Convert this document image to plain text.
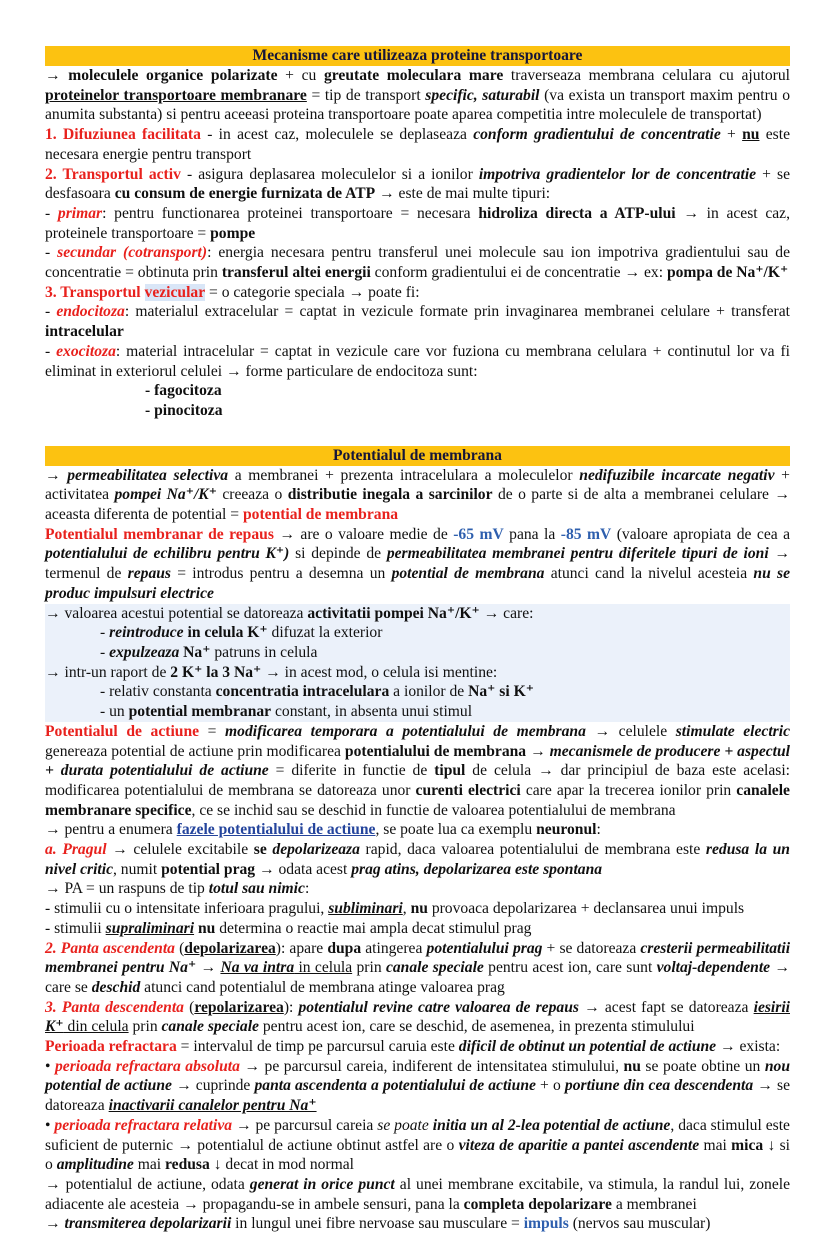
Mecanisme care utilizeaza proteine transportoare

→ moleculele organice polarizate + cu greutate moleculara mare traverseaza membrana celulara cu ajutorul proteinelor transportoare membranare = tip de transport specific, saturabil (va exista un transport maxim pentru o anumita substanta) si pentru aceeasi proteina transportoare poate aparea competitia intre moleculele de transportat)

1. Difuziunea facilitata - in acest caz, moleculele se deplaseaza conform gradientului de concentratie + nu este necesara energie pentru transport

2. Transportul activ - asigura deplasarea moleculelor si a ionilor impotriva gradientelor lor de concentratie + se desfasoara cu consum de energie furnizata de ATP → este de mai multe tipuri:

- primar: pentru functionarea proteinei transportoare = necesara hidroliza directa a ATP-ului → in acest caz, proteinele transportoare = pompe

- secundar (cotransport): energia necesara pentru transferul unei molecule sau ion impotriva gradientului sau de concentratie = obtinuta prin transferul altei energii conform gradientului ei de concentratie → ex: pompa de Na⁺/K⁺

3. Transportul vezicular = o categorie speciala → poate fi:

- endocitoza: materialul extracelular = captat in vezicule formate prin invaginarea membranei celulare + transferat intracelular

- exocitoza: material intracelular = captat in vezicule care vor fuziona cu membrana celulara + continutul lor va fi eliminat in exteriorul celulei → forme particulare de endocitoza sunt:

- fagocitoza

- pinocitoza

Potentialul de membrana

→ permeabilitatea selectiva a membranei + prezenta intracelulara a moleculelor nedifuzibile incarcate negativ + activitatea pompei Na⁺/K⁺ creeaza o distributie inegala a sarcinilor de o parte si de alta a membranei celulare → aceasta diferenta de potential = potential de membrana

Potentialul membranar de repaus → are o valoare medie de -65 mV pana la -85 mV (valoare apropiata de cea a potentialului de echilibru pentru K⁺) si depinde de permeabilitatea membranei pentru diferitele tipuri de ioni → termenul de repaus = introdus pentru a desemna un potential de membrana atunci cand la nivelul acesteia nu se produc impulsuri electrice

→ valoarea acestui potential se datoreaza activitatii pompei Na⁺/K⁺ → care:

- reintroduce in celula K⁺ difuzat la exterior

- expulzeaza Na⁺ patruns in celula

→ intr-un raport de 2 K⁺ la 3 Na⁺ → in acest mod, o celula isi mentine:

- relativ constanta concentratia intracelulara a ionilor de Na⁺ si K⁺

- un potential membranar constant, in absenta unui stimul

Potentialul de actiune = modificarea temporara a potentialului de membrana → celulele stimulate electric genereaza potential de actiune prin modificarea potentialului de membrana → mecanismele de producere + aspectul + durata potentialului de actiune = diferite in functie de tipul de celula → dar principiul de baza este acelasi: modificarea potentialului de membrana se datoreaza unor curenti electrici care apar la trecerea ionilor prin canalele membranare specifice, ce se inchid sau se deschid in functie de valoarea potentialului de membrana

→ pentru a enumera fazele potentialului de actiune, se poate lua ca exemplu neuronul:

a. Pragul → celulele excitabile se depolarizeaza rapid, daca valoarea potentialului de membrana este redusa la un nivel critic, numit potential prag → odata acest prag atins, depolarizarea este spontana

→ PA = un raspuns de tip totul sau nimic:

- stimulii cu o intensitate inferioara pragului, subliminari, nu provoaca depolarizarea + declansarea unui impuls

- stimulii supraliminari nu determina o reactie mai ampla decat stimulul prag

2. Panta ascendenta (depolarizarea): apare dupa atingerea potentialului prag + se datoreaza cresterii permeabilitatii membranei pentru Na⁺ → Na va intra in celula prin canale speciale pentru acest ion, care sunt voltaj-dependente → care se deschid atunci cand potentialul de membrana atinge valoarea prag

3. Panta descendenta (repolarizarea): potentialul revine catre valoarea de repaus → acest fapt se datoreaza iesirii K⁺ din celula prin canale speciale pentru acest ion, care se deschid, de asemenea, in prezenta stimulului

Perioada refractara = intervalul de timp pe parcursul caruia este dificil de obtinut un potential de actiune → exista:

• perioada refractara absoluta → pe parcursul careia, indiferent de intensitatea stimulului, nu se poate obtine un nou potential de actiune → cuprinde panta ascendenta a potentialului de actiune + o portiune din cea descendenta → se datoreaza inactivarii canalelor pentru Na⁺

• perioada refractara relativa → pe parcursul careia se poate initia un al 2-lea potential de actiune, daca stimulul este suficient de puternic → potentialul de actiune obtinut astfel are o viteza de aparitie a pantei ascendente mai mica ↓ si o amplitudine mai redusa ↓ decat in mod normal

→ potentialul de actiune, odata generat in orice punct al unei membrane excitabile, va stimula, la randul lui, zonele adiacente ale acesteia → propagandu-se in ambele sensuri, pana la completa depolarizare a membranei

→ transmiterea depolarizarii in lungul unei fibre nervoase sau musculare = impuls (nervos sau muscular)
